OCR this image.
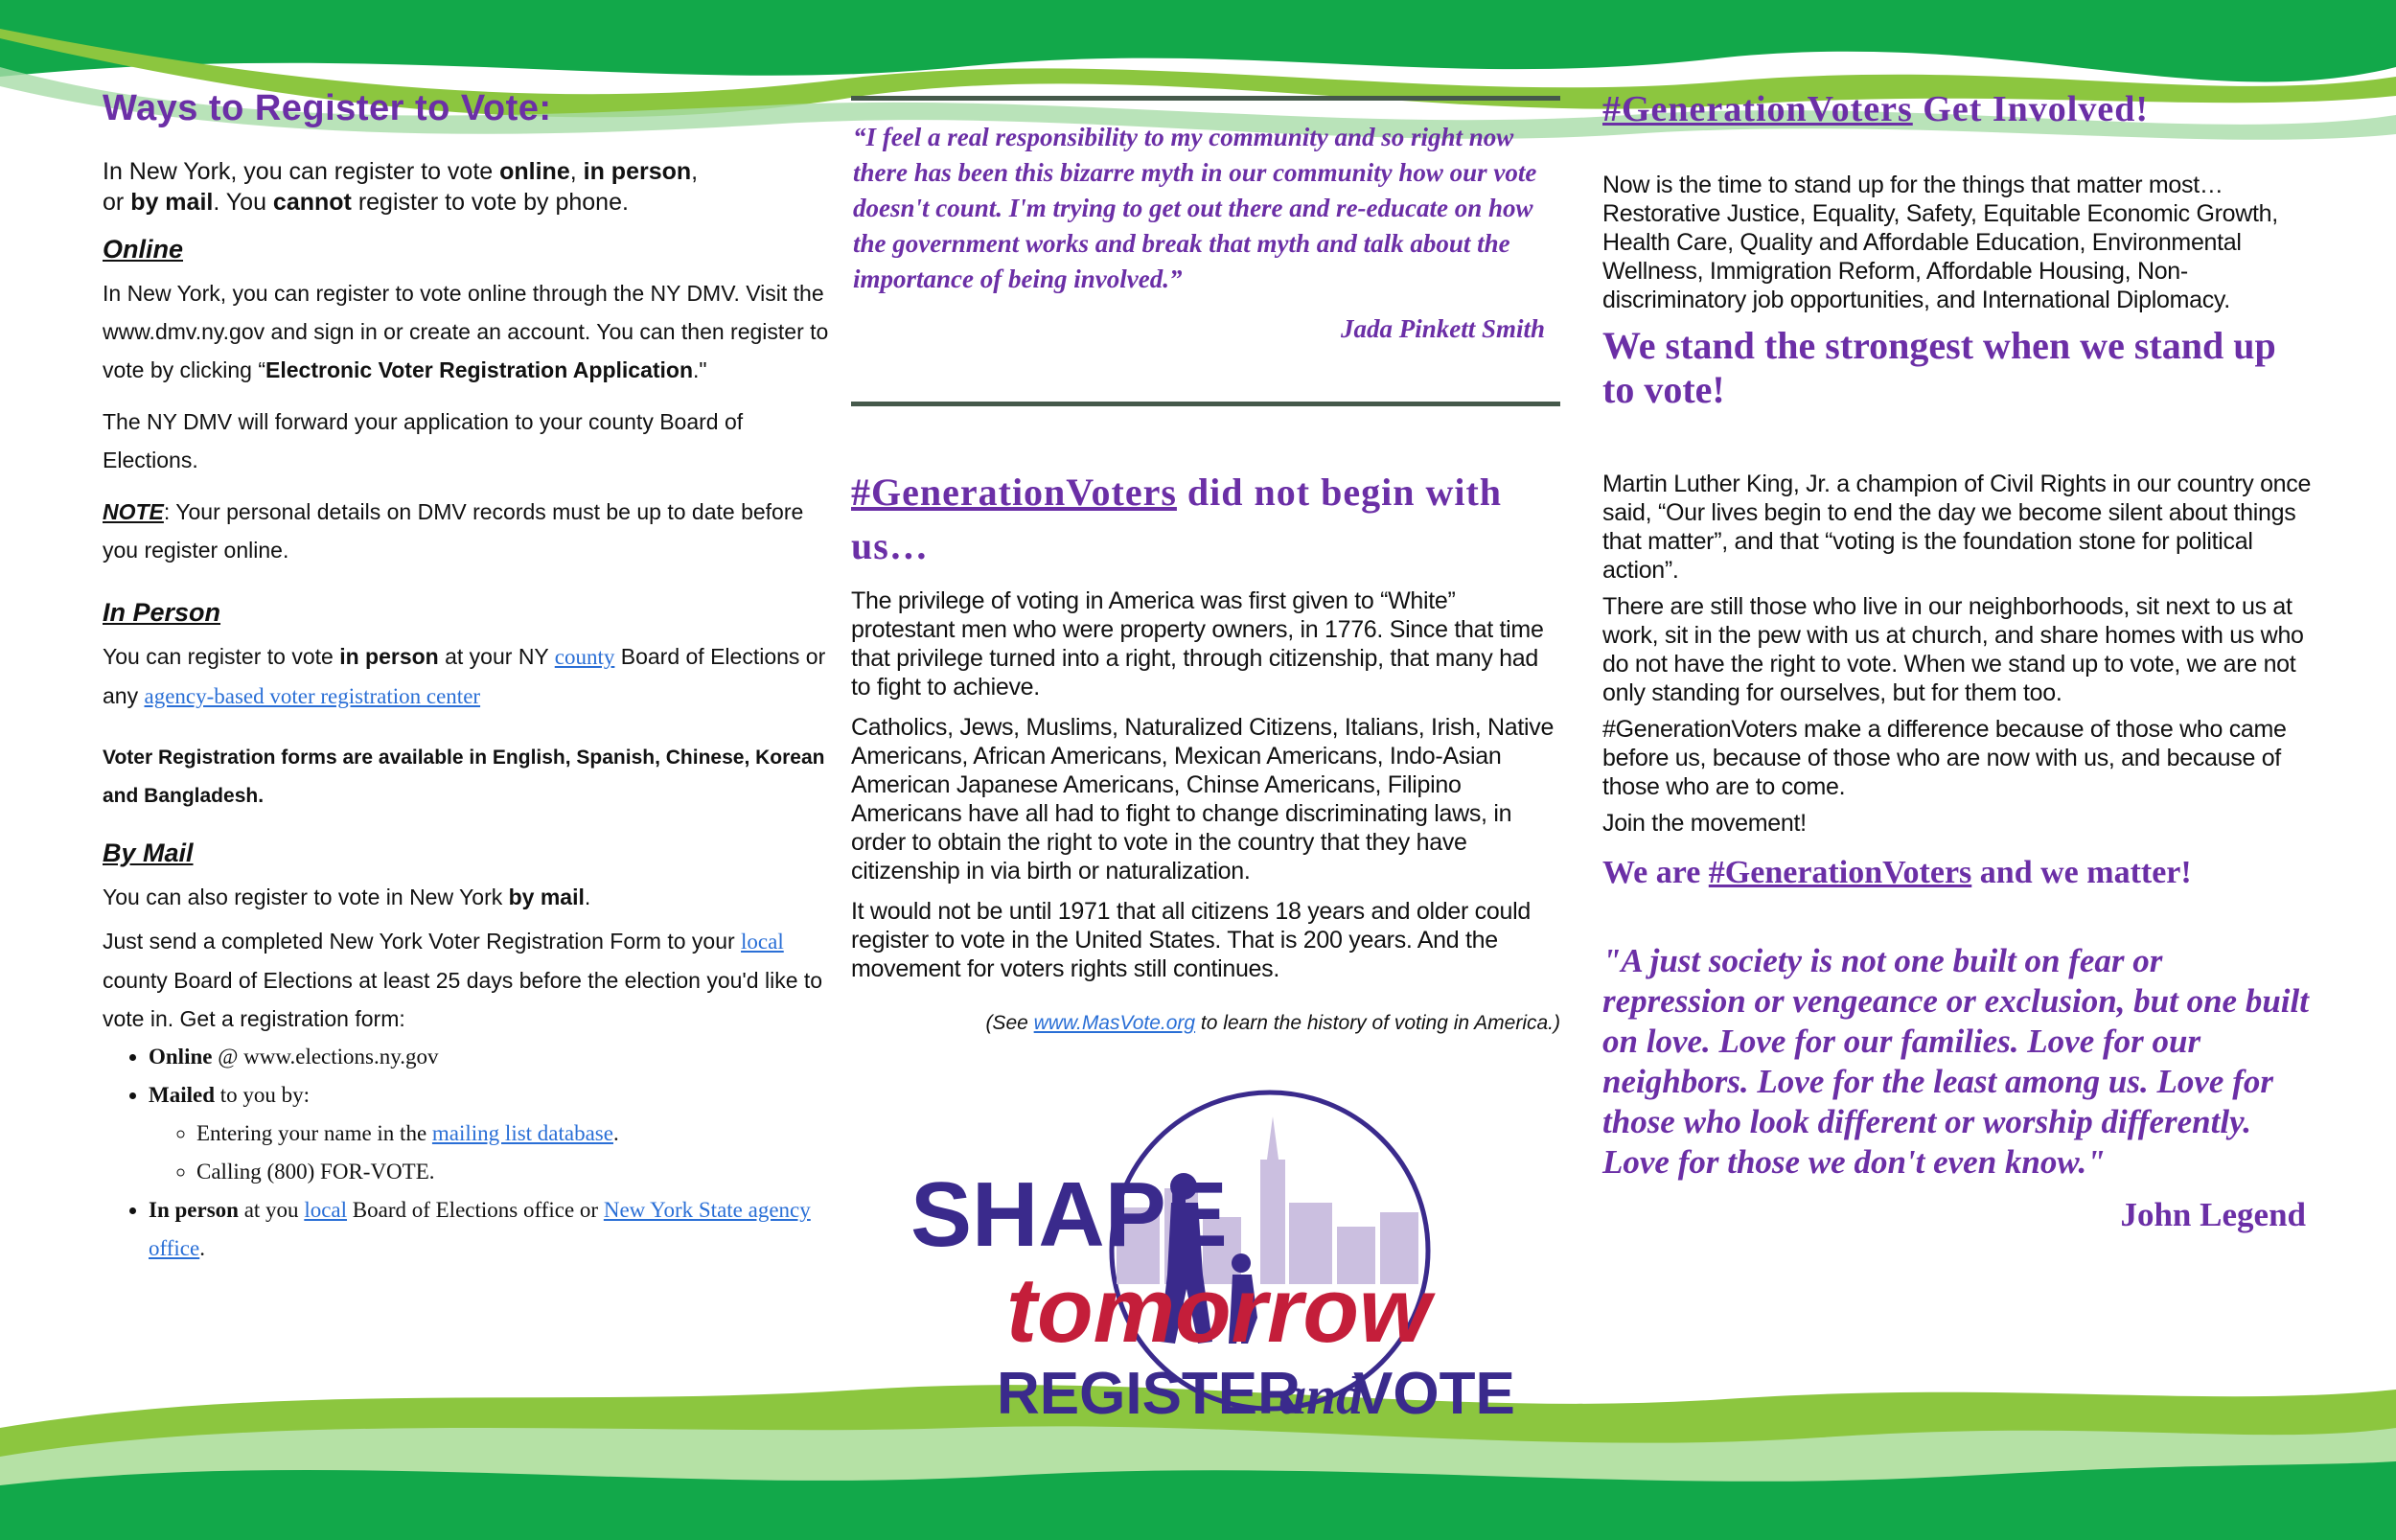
Ways to Register to Vote:

In New York, you can register to vote online, in person,
or by mail. You cannot register to vote by phone.

Online

In New York, you can register to vote online through the NY DMV. Visit the www.dmv.ny.gov and sign in or create an account. You can then register to vote by clicking “Electronic Voter Registration Application."

The NY DMV will forward your application to your county Board of Elections.

NOTE: Your personal details on DMV records must be up to date before you register online.

In Person

You can register to vote in person at your NY county Board of Elections or any agency-based voter registration center

Voter Registration forms are available in English, Spanish, Chinese, Korean and Bangladesh.

By Mail

You can also register to vote in New York by mail.

Just send a completed New York Voter Registration Form to your local county Board of Elections at least 25 days before the election you'd like to vote in. Get a registration form:

• Online @ www.elections.ny.gov
• Mailed to you by:
◦ Entering your name in the mailing list database.
◦ Calling (800) FOR-VOTE.
• In person at you local Board of Elections office or New York State agency office.

“I feel a real responsibility to my community and so right now there has been this bizarre myth in our community how our vote doesn't count. I'm trying to get out there and re-educate on how the government works and break that myth and talk about the importance of being involved.”

Jada Pinkett Smith

#GenerationVoters did not begin with us…

The privilege of voting in America was first given to “White” protestant men who were property owners, in 1776. Since that time that privilege turned into a right, through citizenship, that many had to fight to achieve.

Catholics, Jews, Muslims, Naturalized Citizens, Italians, Irish, Native Americans, African Americans, Mexican Americans, Indo-Asian American Japanese Americans, Chinse Americans, Filipino Americans have all had to fight to change discriminating laws, in order to obtain the right to vote in the country that they have citizenship in via birth or naturalization.

It would not be until 1971 that all citizens 18 years and older could register to vote in the United States. That is 200 years. And the movement for voters rights still continues.

(See www.MasVote.org to learn the history of voting in America.)

SHAPE
tomorrow
REGISTER
and
VOTE
#GenerationVoters Get Involved!

Now is the time to stand up for the things that matter most… Restorative Justice, Equality, Safety, Equitable Economic Growth, Health Care, Quality and Affordable Education, Environmental Wellness, Immigration Reform, Affordable Housing, Non-discriminatory job opportunities, and International Diplomacy.

We stand the strongest when we stand up to vote!

Martin Luther King, Jr. a champion of Civil Rights in our country once said, “Our lives begin to end the day we become silent about things that matter”, and that “voting is the foundation stone for political action”.

There are still those who live in our neighborhoods, sit next to us at work, sit in the pew with us at church, and share homes with us who do not have the right to vote. When we stand up to vote, we are not only standing for ourselves, but for them too.

#GenerationVoters make a difference because of those who came before us, because of those who are now with us, and because of those who are to come.

Join the movement!

We are #GenerationVoters and we matter!

"A just society is not one built on fear or repression or vengeance or exclusion, but one built on love. Love for our families. Love for our neighbors. Love for the least among us. Love for those who look different or worship differently. Love for those we don't even know."

John Legend
